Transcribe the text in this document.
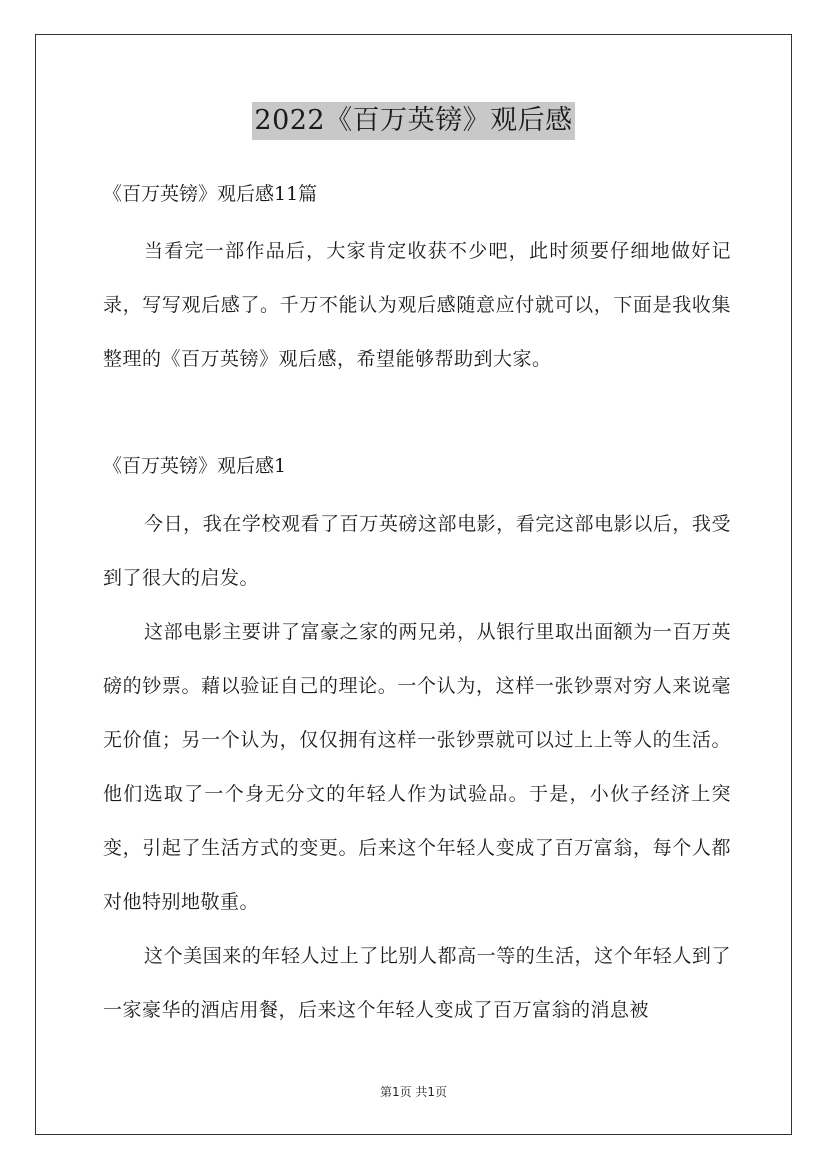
2022《百万英镑》观后感

《百万英镑》观后感11篇

当看完一部作品后，大家肯定收获不少吧，此时须要仔细地做好记录，写写观后感了。千万不能认为观后感随意应付就可以，下面是我收集整理的《百万英镑》观后感，希望能够帮助到大家。

《百万英镑》观后感1

今日，我在学校观看了百万英磅这部电影，看完这部电影以后，我受到了很大的启发。

这部电影主要讲了富豪之家的两兄弟，从银行里取出面额为一百万英磅的钞票。藉以验证自己的理论。一个认为，这样一张钞票对穷人来说毫无价值；另一个认为，仅仅拥有这样一张钞票就可以过上上等人的生活。他们选取了一个身无分文的年轻人作为试验品。于是，小伙子经济上突变，引起了生活方式的变更。后来这个年轻人变成了百万富翁，每个人都对他特别地敬重。

这个美国来的年轻人过上了比别人都高一等的生活，这个年轻人到了一家豪华的酒店用餐，后来这个年轻人变成了百万富翁的消息被

第1页 共1页
